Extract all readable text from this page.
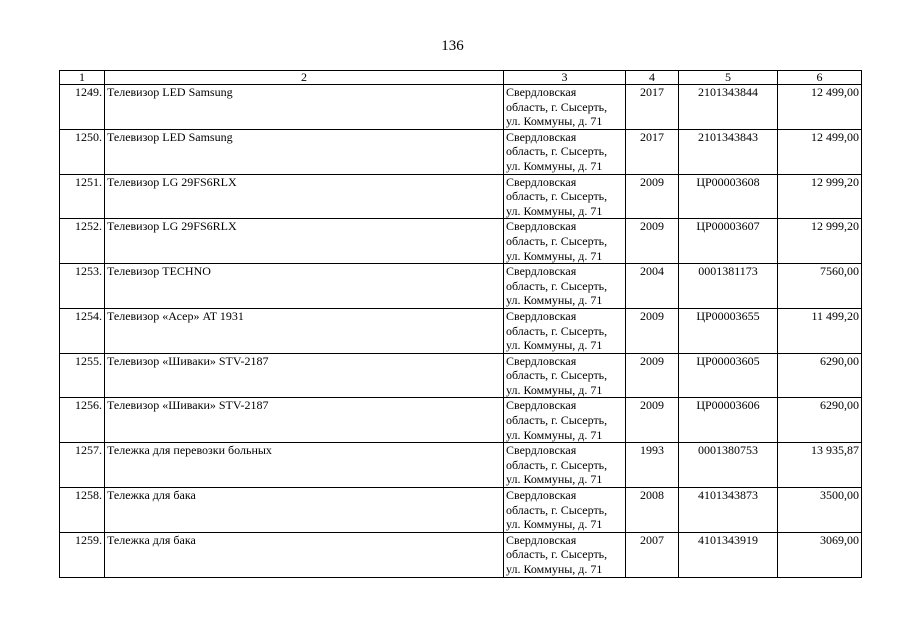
136
1	2	3	4	5	6
1249.	Телевизор LED Samsung	Свердловская
область, г. Сысерть,
ул. Коммуны, д. 71	2017	2101343844	12 499,00
1250.	Телевизор LED Samsung	Свердловская
область, г. Сысерть,
ул. Коммуны, д. 71	2017	2101343843	12 499,00
1251.	Телевизор LG 29FS6RLX	Свердловская
область, г. Сысерть,
ул. Коммуны, д. 71	2009	ЦР00003608	12 999,20
1252.	Телевизор LG 29FS6RLX	Свердловская
область, г. Сысерть,
ул. Коммуны, д. 71	2009	ЦР00003607	12 999,20
1253.	Телевизор TECHNO	Свердловская
область, г. Сысерть,
ул. Коммуны, д. 71	2004	0001381173	7560,00
1254.	Телевизор «Асер» AT 1931	Свердловская
область, г. Сысерть,
ул. Коммуны, д. 71	2009	ЦР00003655	11 499,20
1255.	Телевизор «Шиваки» STV-2187	Свердловская
область, г. Сысерть,
ул. Коммуны, д. 71	2009	ЦР00003605	6290,00
1256.	Телевизор «Шиваки» STV-2187	Свердловская
область, г. Сысерть,
ул. Коммуны, д. 71	2009	ЦР00003606	6290,00
1257.	Тележка для перевозки больных	Свердловская
область, г. Сысерть,
ул. Коммуны, д. 71	1993	0001380753	13 935,87
1258.	Тележка для бака	Свердловская
область, г. Сысерть,
ул. Коммуны, д. 71	2008	4101343873	3500,00
1259.	Тележка для бака	Свердловская
область, г. Сысерть,
ул. Коммуны, д. 71	2007	4101343919	3069,00
